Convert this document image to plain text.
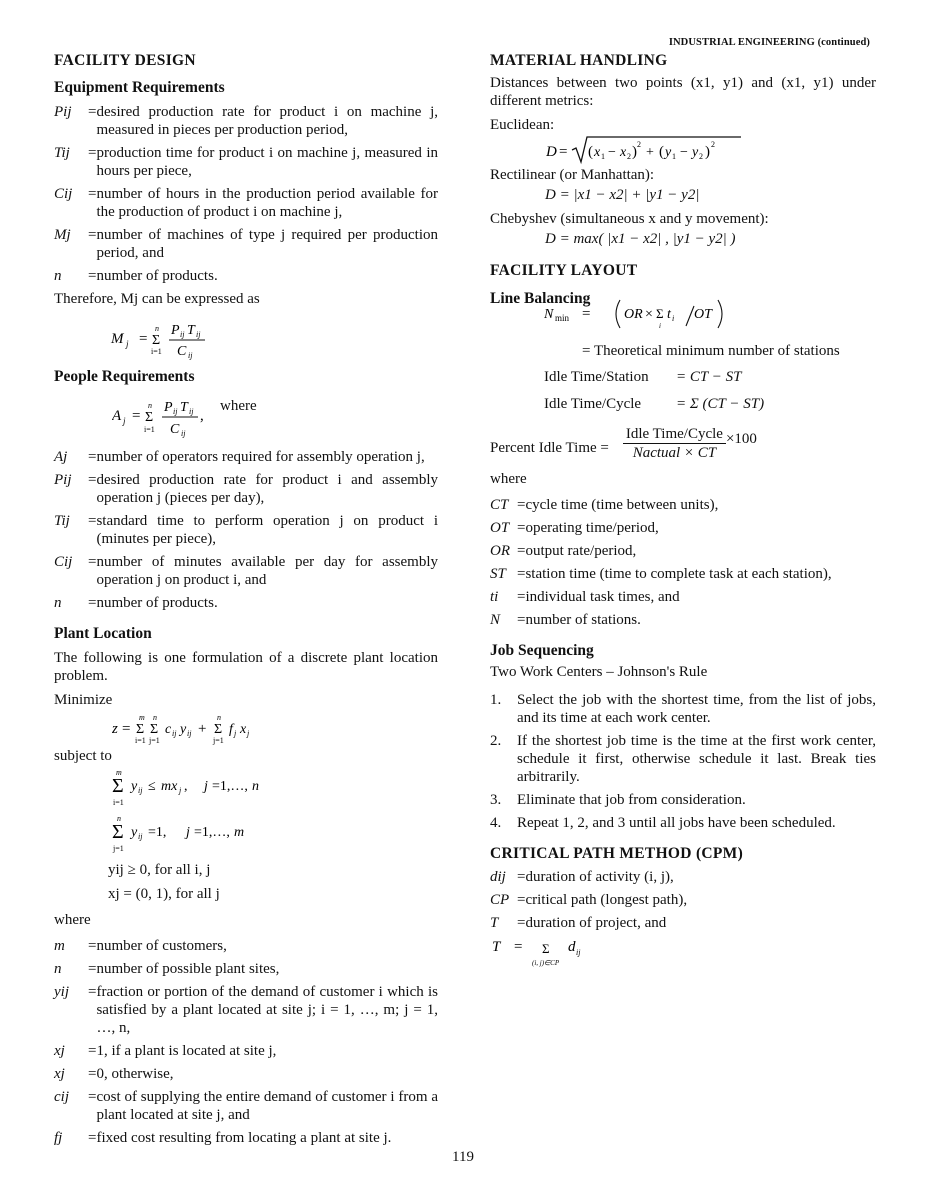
INDUSTRIAL ENGINEERING (continued)
FACILITY DESIGN
Equipment Requirements
Pij	= desired production rate for product i on machine j, measured in pieces per production period,
Tij	= production time for product i on machine j, measured in hours per piece,
Cij	= number of hours in the production period available for the production of product i on machine j,
Mj	= number of machines of type j required per production period, and
n	= number of products.
Therefore, Mj can be expressed as
M j =
n
Σ
i=1
P ij T ij
C ij
People Requirements
A j =
n
Σ
i=1
P ij T ij
C ij
,
where
Aj	= number of operators required for assembly operation j,
Pij	= desired production rate for product i and assembly operation j (pieces per day),
Tij	= standard time to perform operation j on product i (minutes per piece),
Cij	= number of minutes available per day for assembly operation j on product i, and
n	= number of products.
Plant Location
The following is one formulation of a discrete plant location problem.
Minimize
z =
m
Σ
i=1
n
Σ
j=1
c ij y ij +
n
Σ
j=1
f j x j
subject to
m
Σ
i=1
y ij ≤ mx j , j =1,…, n
n
Σ
j=1
y ij =1, j =1,…, m
yij ≥ 0, for all i, j
xj = (0, 1), for all j
where
m	= number of customers,
n	= number of possible plant sites,
yij	= fraction or portion of the demand of customer i which is satisfied by a plant located at site j; i = 1, …, m; j = 1, …, n,
xj	= 1, if a plant is located at site j,
xj	= 0, otherwise,
cij	= cost of supplying the entire demand of customer i from a plant located at site j, and
fj	= fixed cost resulting from locating a plant at site j.
MATERIAL HANDLING
Distances between two points (x1, y1) and (x1, y1) under different metrics:
Euclidean:
D = ( x 1 − x 2 ) 2
+ ( y 1 − y 2 ) 2
Rectilinear (or Manhattan):
D = |x1 − x2| + |y1 − y2|
Chebyshev (simultaneous x and y movement):
D = max( |x1 − x2| , |y1 − y2| )
FACILITY LAYOUT
Line Balancing
N min = OR × Σ
i
t i OT
= Theoretical minimum number of stations
Idle Time/Station	= CT − ST
Idle Time/Cycle	= Σ (CT − ST)
Percent Idle Time = $\frac{\text{Idle Time/Cycle}}{\text{Nactual × CT}} \times 100$
where
CT = cycle time (time between units),
OT = operating time/period,
OR = output rate/period,
ST = station time (time to complete task at each station),
ti	= individual task times, and
N	= number of stations.
Job Sequencing
Two Work Centers – Johnson's Rule
1.	Select the job with the shortest time, from the list of jobs, and its time at each work center.
2.	If the shortest job time is the time at the first work center, schedule it first, otherwise schedule it last. Break ties arbitrarily.
3.	Eliminate that job from consideration.
4.	Repeat 1, 2, and 3 until all jobs have been scheduled.
CRITICAL PATH METHOD (CPM)
dij = duration of activity (i, j),
CP = critical path (longest path),
T	= duration of project, and
T = Σ
(i, j)∈CP
d ij
119
